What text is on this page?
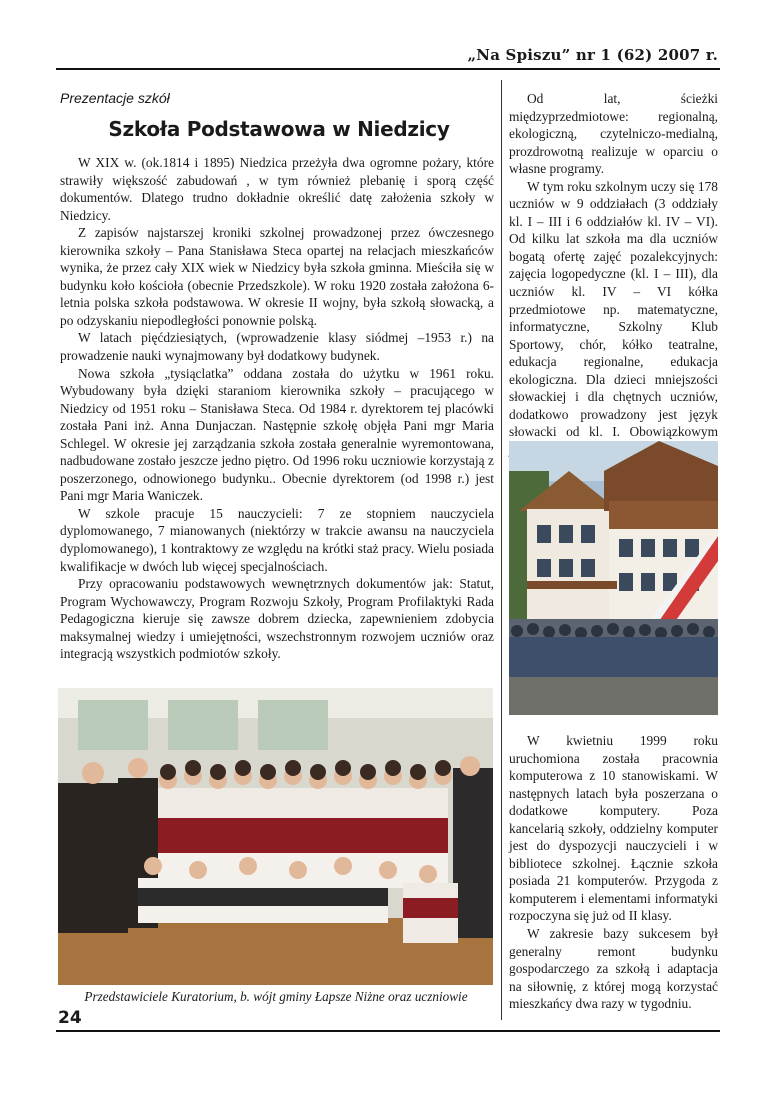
„Na Spiszu” nr 1 (62) 2007 r.
Prezentacje szkół
Szkoła Podstawowa w Niedzicy

W XIX w. (ok.1814 i 1895) Niedzica przeżyła dwa ogromne pożary, które strawiły większość zabudowań , w tym również plebanię i sporą część dokumentów. Dlatego trudno dokładnie określić datę założenia szkoły w Niedzicy.

Z zapisów najstarszej kroniki szkolnej prowadzonej przez ówczesnego kierownika szkoły – Pana Stanisława Steca opartej na relacjach mieszkańców wynika, że przez cały XIX wiek w Niedzicy była szkoła gminna. Mieściła się w budynku koło kościoła (obecnie Przedszkole). W roku 1920 została założona 6-letnia polska szkoła podstawowa. W okresie II wojny, była szkołą słowacką, a po odzyskaniu niepodległości ponownie polską.

W latach pięćdziesiątych, (wprowadzenie klasy siódmej –1953 r.) na prowadzenie nauki wynajmowany był dodatkowy budynek.

Nowa szkoła „tysiąclatka” oddana została do użytku w 1961 roku. Wybudowany była dzięki staraniom kierownika szkoły – pracującego w Niedzicy od 1951 roku – Stanisława Steca. Od 1984 r. dyrektorem tej placówki została Pani inż. Anna Dunjaczan. Następnie szkołę objęła Pani mgr Maria Schlegel. W okresie jej zarządzania szkoła została generalnie wyremontowana, nadbudowane zostało jeszcze jedno piętro. Od 1996 roku uczniowie korzystają z poszerzonego, odnowionego budynku.. Obecnie dyrektorem (od 1998 r.) jest Pani mgr Maria Waniczek.

W szkole pracuje 15 nauczycieli: 7 ze stopniem nauczyciela dyplomowanego, 7 mianowanych (niektórzy w trakcie awansu na nauczyciela dyplomowanego), 1 kontraktowy ze względu na krótki staż pracy. Wielu posiada kwalifikacje w dwóch lub więcej specjalnościach.

Przy opracowaniu podstawowych wewnętrznych dokumentów jak: Statut, Program Wychowawczy, Program Rozwoju Szkoły, Program Profilaktyki Rada Pedagogiczna kieruje się zawsze dobrem dziecka, zapewnieniem zdobycia maksymalnej wiedzy i umiejętności, wszechstronnym rozwojem uczniów oraz integracją wszystkich podmiotów szkoły.

Od lat, ścieżki międzyprzedmiotowe: regionalną, ekologiczną, czytelniczo-medialną, prozdrowotną realizuje w oparciu o własne programy.

W tym roku szkolnym uczy się 178 uczniów w 9 oddziałach (3 oddziały kl. I – III i 6 oddziałów kl. IV – VI). Od kilku lat szkoła ma dla uczniów bogatą ofertę zajęć pozalekcyjnych: zajęcia logopedyczne (kl. I – III), dla uczniów kl. IV – VI kółka przedmiotowe np. matematyczne, informatyczne, Szkolny Klub Sportowy, chór, kółko teatralne, edukacja regionalne, edukacja ekologiczna. Dla dzieci mniejszości słowackiej i dla chętnych uczniów, dodatkowo prowadzony jest język słowacki od kl. I. Obowiązkowym

W kwietniu 1999 roku uruchomiona została pracownia komputerowa z 10 stanowiskami. W następnych latach była poszerzana o dodatkowe komputery. Poza kancelarią szkoły, oddzielny komputer jest do dyspozycji nauczycieli i w bibliotece szkolnej. Łącznie szkoła posiada 21 komputerów. Przygoda z komputerem i elementami informatyki rozpoczyna się już od II klasy.

W zakresie bazy sukcesem był generalny remont budynku gospodarczego za szkołą i adaptacja na siłownię, z której mogą korzystać mieszkańcy dwa razy w tygodniu.

Przedstawiciele Kuratorium, b. wójt gminy Łapsze Niżne oraz uczniowie
24
